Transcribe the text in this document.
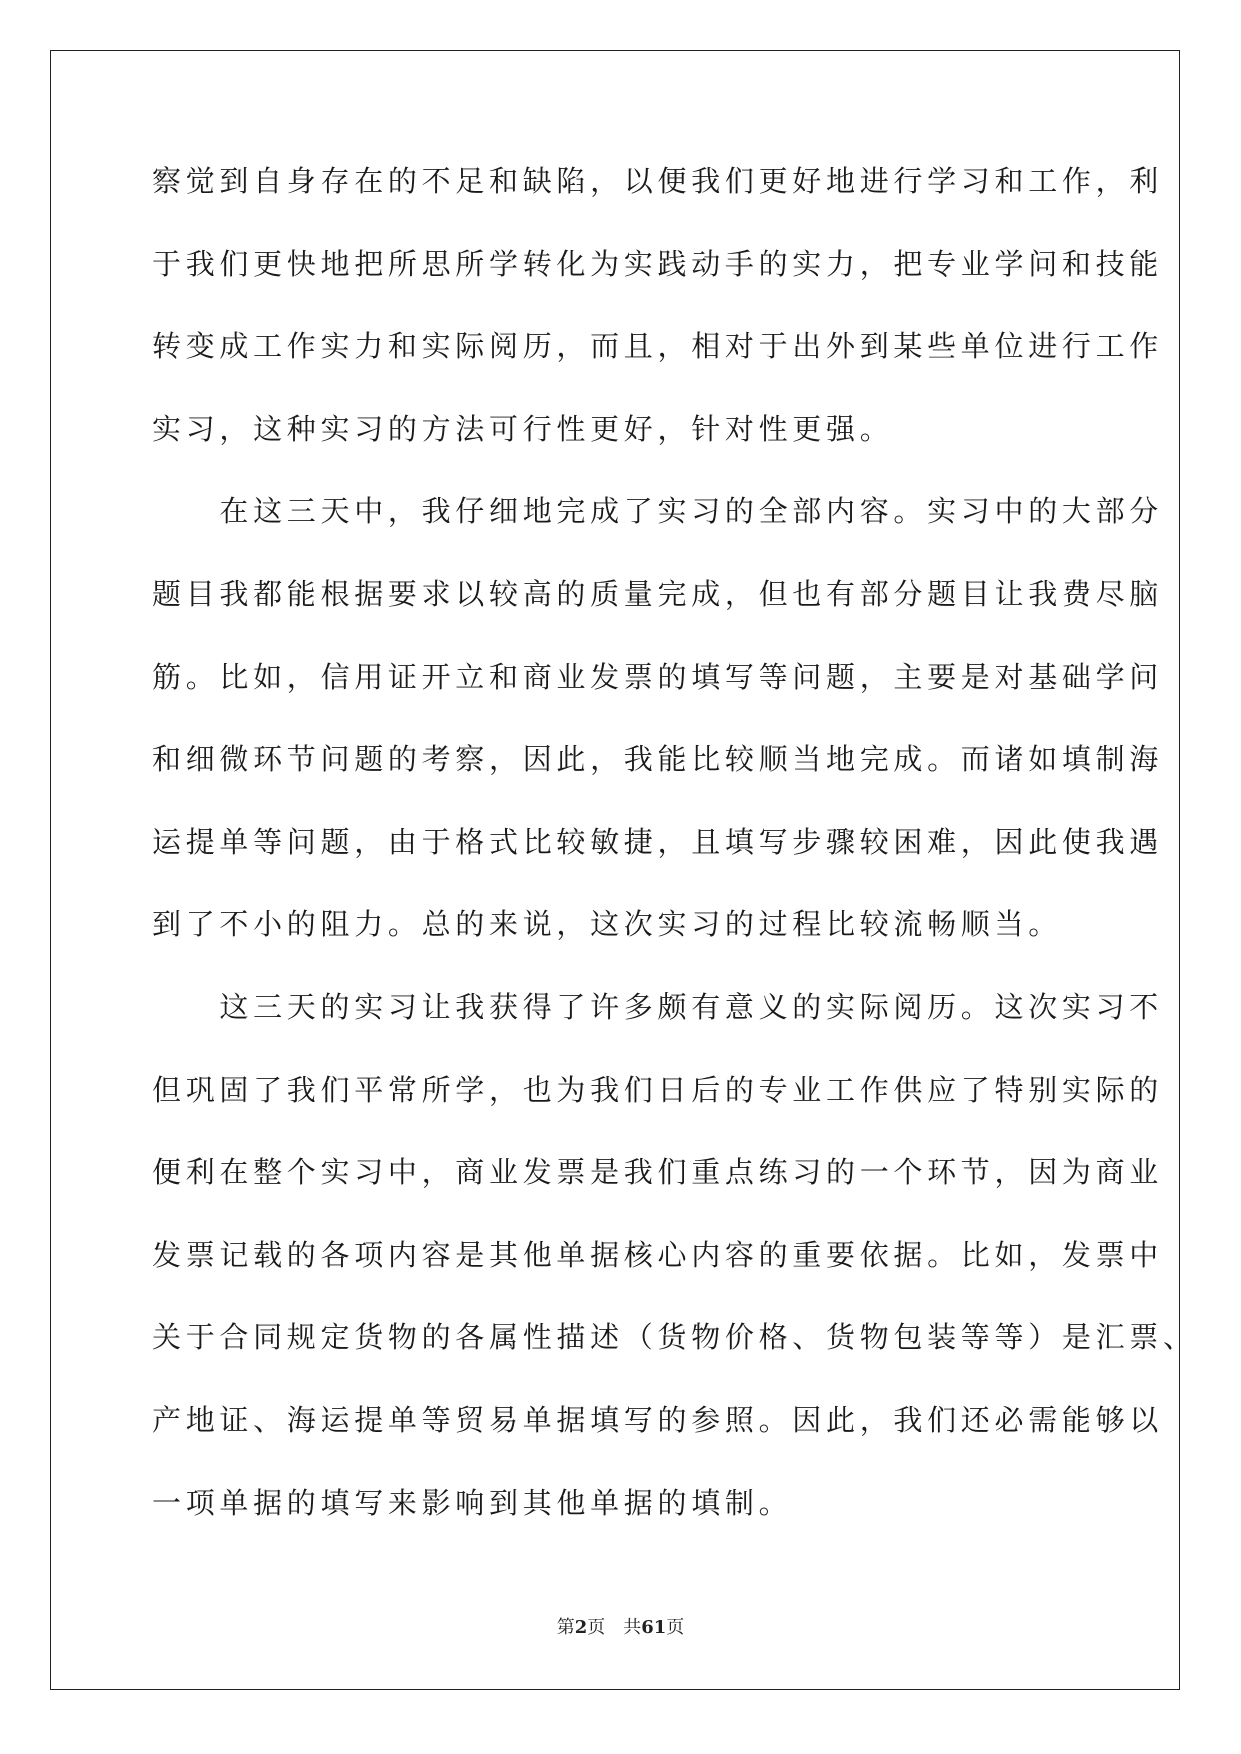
察觉到自身存在的不足和缺陷，以便我们更好地进行学习和工作，利
于我们更快地把所思所学转化为实践动手的实力，把专业学问和技能
转变成工作实力和实际阅历，而且，相对于出外到某些单位进行工作
实习，这种实习的方法可行性更好，针对性更强。
　　在这三天中，我仔细地完成了实习的全部内容。实习中的大部分
题目我都能根据要求以较高的质量完成，但也有部分题目让我费尽脑
筋。比如，信用证开立和商业发票的填写等问题，主要是对基础学问
和细微环节问题的考察，因此，我能比较顺当地完成。而诸如填制海
运提单等问题，由于格式比较敏捷，且填写步骤较困难，因此使我遇
到了不小的阻力。总的来说，这次实习的过程比较流畅顺当。
　　这三天的实习让我获得了许多颇有意义的实际阅历。这次实习不
但巩固了我们平常所学，也为我们日后的专业工作供应了特别实际的
便利在整个实习中，商业发票是我们重点练习的一个环节，因为商业
发票记载的各项内容是其他单据核心内容的重要依据。比如，发票中
关于合同规定货物的各属性描述（货物价格、货物包装等等）是汇票、
产地证、海运提单等贸易单据填写的参照。因此，我们还必需能够以
一项单据的填写来影响到其他单据的填制。
第2页 共61页
